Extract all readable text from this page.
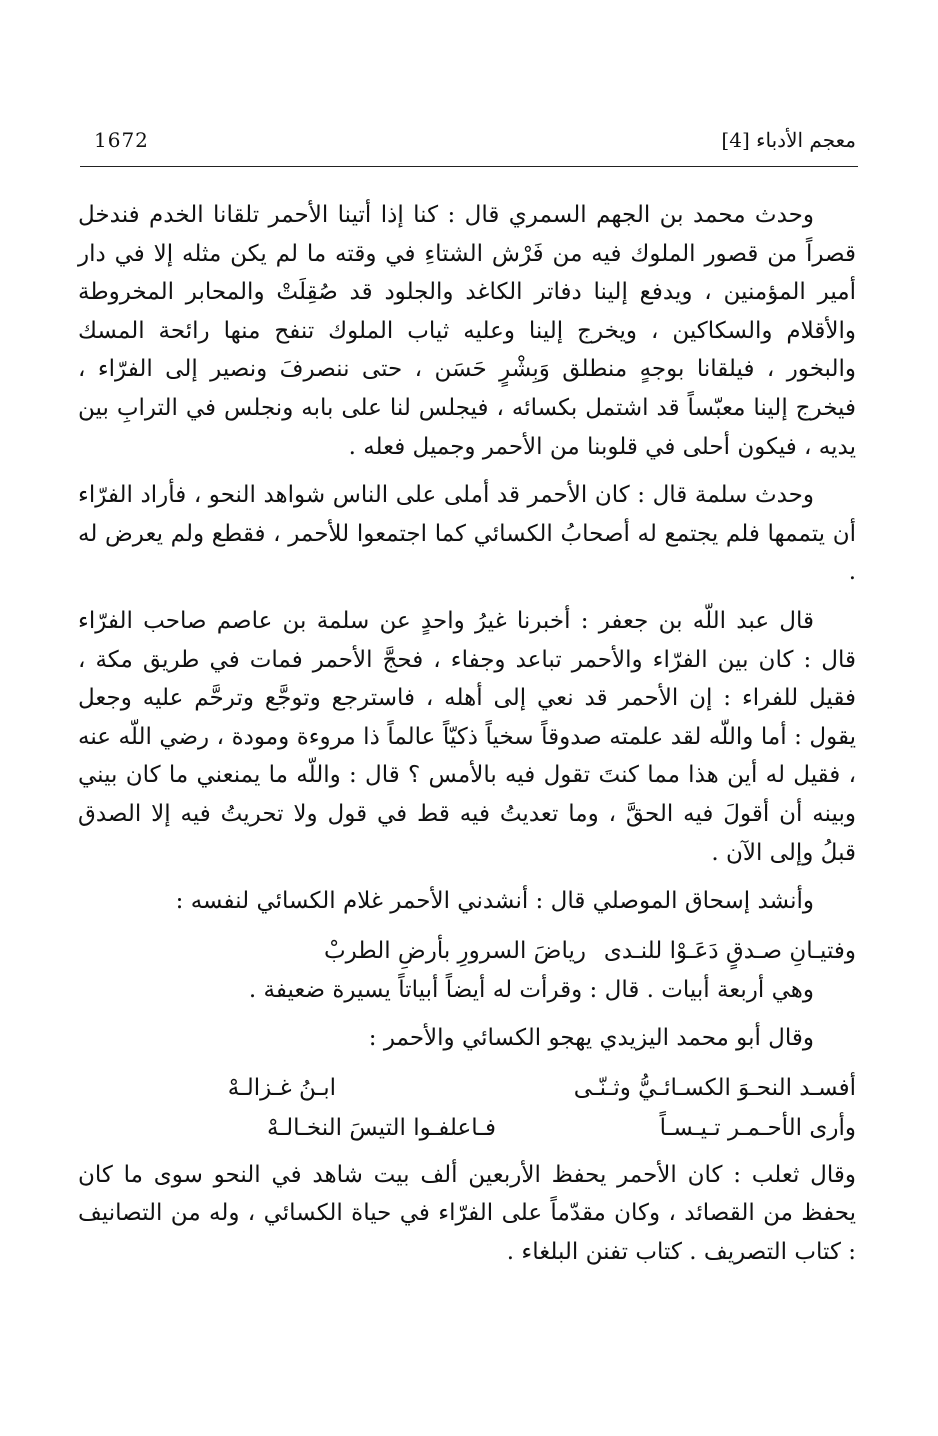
1672	معجم الأدباء [4]

وحدث محمد بن الجهم السمري قال : كنا إذا أتينا الأحمر تلقانا الخدم فندخل قصراً من قصور الملوك فيه من فَرْش الشتاءِ في وقته ما لم يكن مثله إلا في دار أمير المؤمنين ، ويدفع إلينا دفاتر الكاغد والجلود قد صُقِلَتْ والمحابر المخروطة والأقلام والسكاكين ، ويخرج إلينا وعليه ثياب الملوك تنفح منها رائحة المسك والبخور ، فيلقانا بوجهٍ منطلق وَبِشْرٍ حَسَن ، حتى ننصرفَ ونصير إلى الفرّاء ، فيخرج إلينا معبّساً قد اشتمل بكسائه ، فيجلس لنا على بابه ونجلس في الترابِ بين يديه ، فيكون أحلى في قلوبنا من الأحمر وجميل فعله .

وحدث سلمة قال : كان الأحمر قد أملى على الناس شواهد النحو ، فأراد الفرّاء أن يتممها فلم يجتمع له أصحابُ الكسائي كما اجتمعوا للأحمر ، فقطع ولم يعرض له .

قال عبد اللّه بن جعفر : أخبرنا غيرُ واحدٍ عن سلمة بن عاصم صاحب الفرّاء قال : كان بين الفرّاء والأحمر تباعد وجفاء ، فحجَّ الأحمر فمات في طريق مكة ، فقيل للفراء : إن الأحمر قد نعي إلى أهله ، فاسترجع وتوجَّع وترحَّم عليه وجعل يقول : أما واللّه لقد علمته صدوقاً سخياً ذكيّاً عالماً ذا مروءة ومودة ، رضي اللّه عنه ، فقيل له أين هذا مما كنتَ تقول فيه بالأمس ؟ قال : واللّه ما يمنعني ما كان بيني وبينه أن أقولَ فيه الحقَّ ، وما تعديتُ فيه قط في قول ولا تحريتُ فيه إلا الصدق قبلُ وإلى الآن .

وأنشد إسحاق الموصلي قال : أنشدني الأحمر غلام الكسائي لنفسه :

وفتيـانِ صـدقٍ دَعَـوْا للنـدى
رياضَ السرورِ بأرضِ الطربْ

وهي أربعة أبيات . قال : وقرأت له أيضاً أبياتاً يسيرة ضعيفة .

وقال أبو محمد اليزيدي يهجو الكسائي والأحمر :

أفسـد النحـوَ الكسـائـيُّ وثـنّـى
ابـنُ غـزالـهْ
وأرى الأحـمـر تـيـسـاً
فـاعلفـوا التيسَ النخـالـهْ

وقال ثعلب : كان الأحمر يحفظ الأربعين ألف بيت شاهد في النحو سوى ما كان يحفظ من القصائد ، وكان مقدّماً على الفرّاء في حياة الكسائي ، وله من التصانيف : كتاب التصريف . كتاب تفنن البلغاء .
